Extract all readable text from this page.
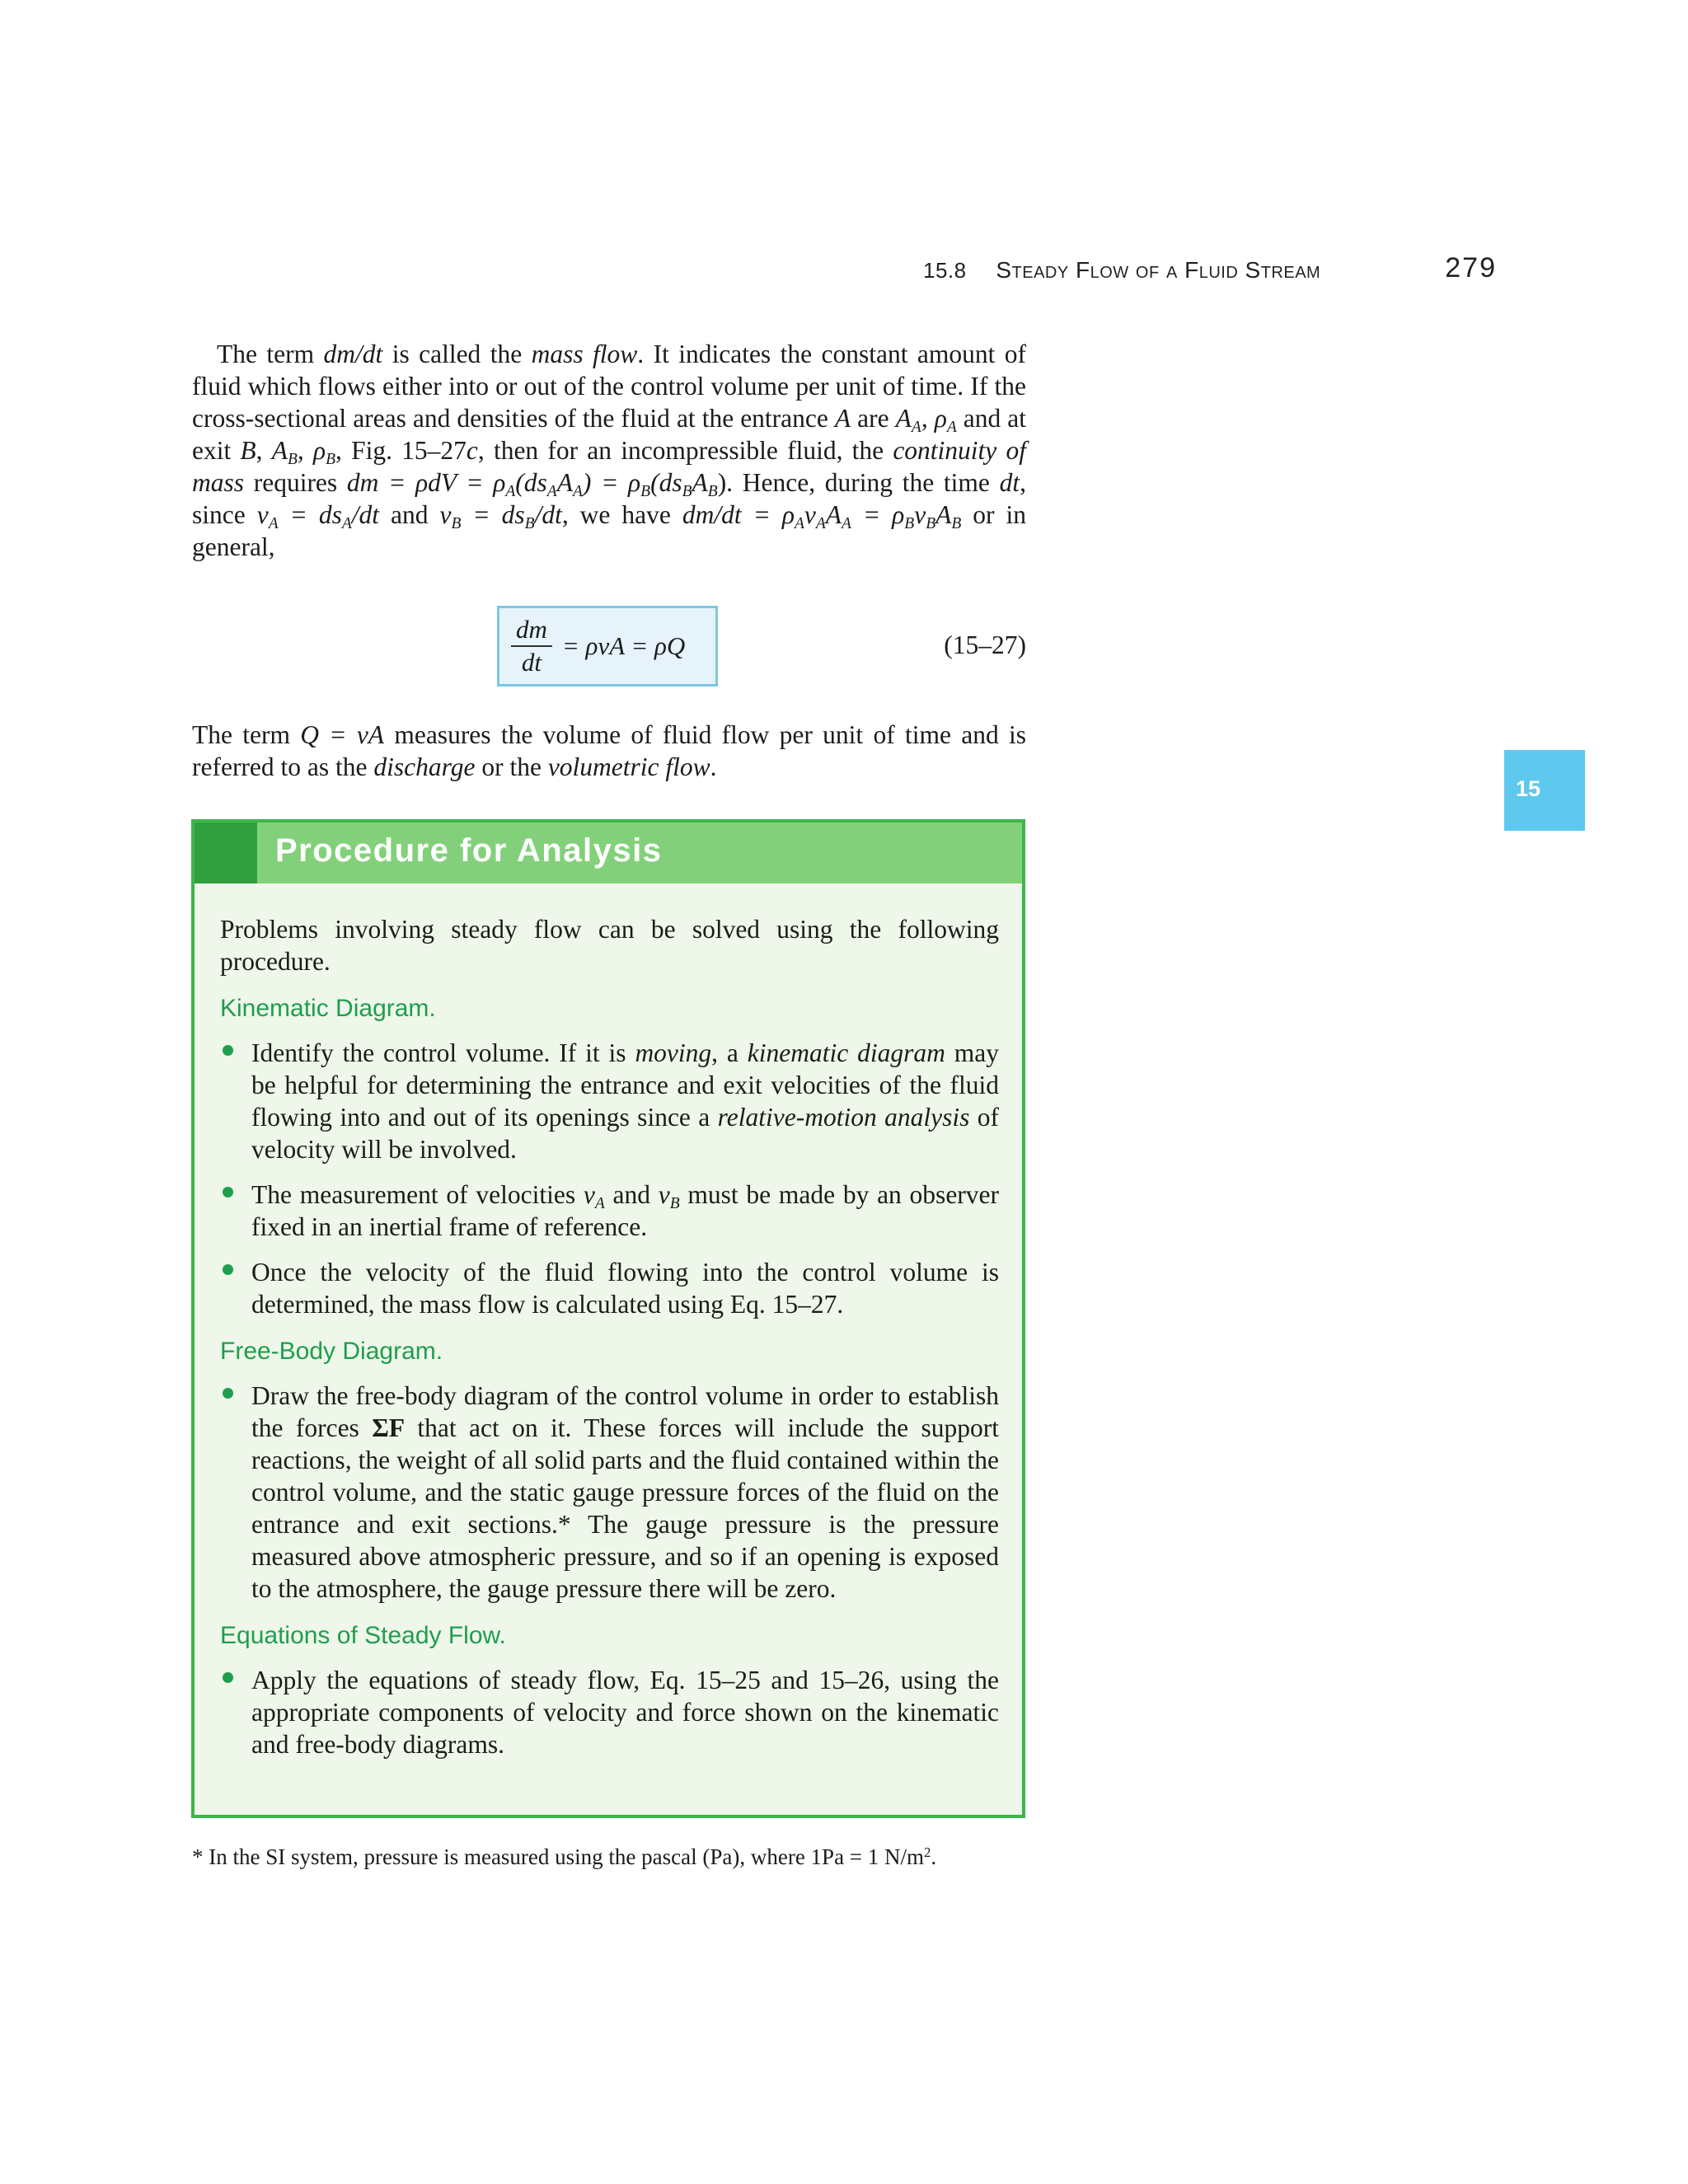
15.8 Steady Flow of a Fluid Stream	279
15

The term dm/dt is called the mass flow. It indicates the constant amount of fluid which flows either into or out of the control volume per unit of time. If the cross-sectional areas and densities of the fluid at the entrance A are $A_A$, $\rho_A$ and at exit B, $A_B$, $\rho_B$, Fig. 15–27c, then for an incompressible fluid, the continuity of mass requires dm = $\rho dV = \rho_A(ds_AA_A) = \rho_B(ds_BA_B)$. Hence, during the time dt, since $v_A = ds_A/dt$ and $v_B = ds_B/dt$, we have $dm/dt = \rho_Av_AA_A = \rho_Bv_BA_B$ or in general,

$\frac{dm}{dt} = \rho vA = \rho Q$	(15–27)

The term Q = vA measures the volume of fluid flow per unit of time and is referred to as the discharge or the volumetric flow.

Procedure for Analysis

Problems involving steady flow can be solved using the following procedure.

Kinematic Diagram.
Identify the control volume. If it is moving, a kinematic diagram may be helpful for determining the entrance and exit velocities of the fluid flowing into and out of its openings since a relative-motion analysis of velocity will be involved.
The measurement of velocities $v_A$ and $v_B$ must be made by an observer fixed in an inertial frame of reference.
Once the velocity of the fluid flowing into the control volume is determined, the mass flow is calculated using Eq. 15–27.
Free-Body Diagram.
Draw the free-body diagram of the control volume in order to establish the forces ΣF that act on it. These forces will include the support reactions, the weight of all solid parts and the fluid contained within the control volume, and the static gauge pressure forces of the fluid on the entrance and exit sections.* The gauge pressure is the pressure measured above atmospheric pressure, and so if an opening is exposed to the atmosphere, the gauge pressure there will be zero.
Equations of Steady Flow.
Apply the equations of steady flow, Eq. 15–25 and 15–26, using the appropriate components of velocity and force shown on the kinematic and free-body diagrams.
* In the SI system, pressure is measured using the pascal (Pa), where 1Pa = 1 $N/m^2$.
